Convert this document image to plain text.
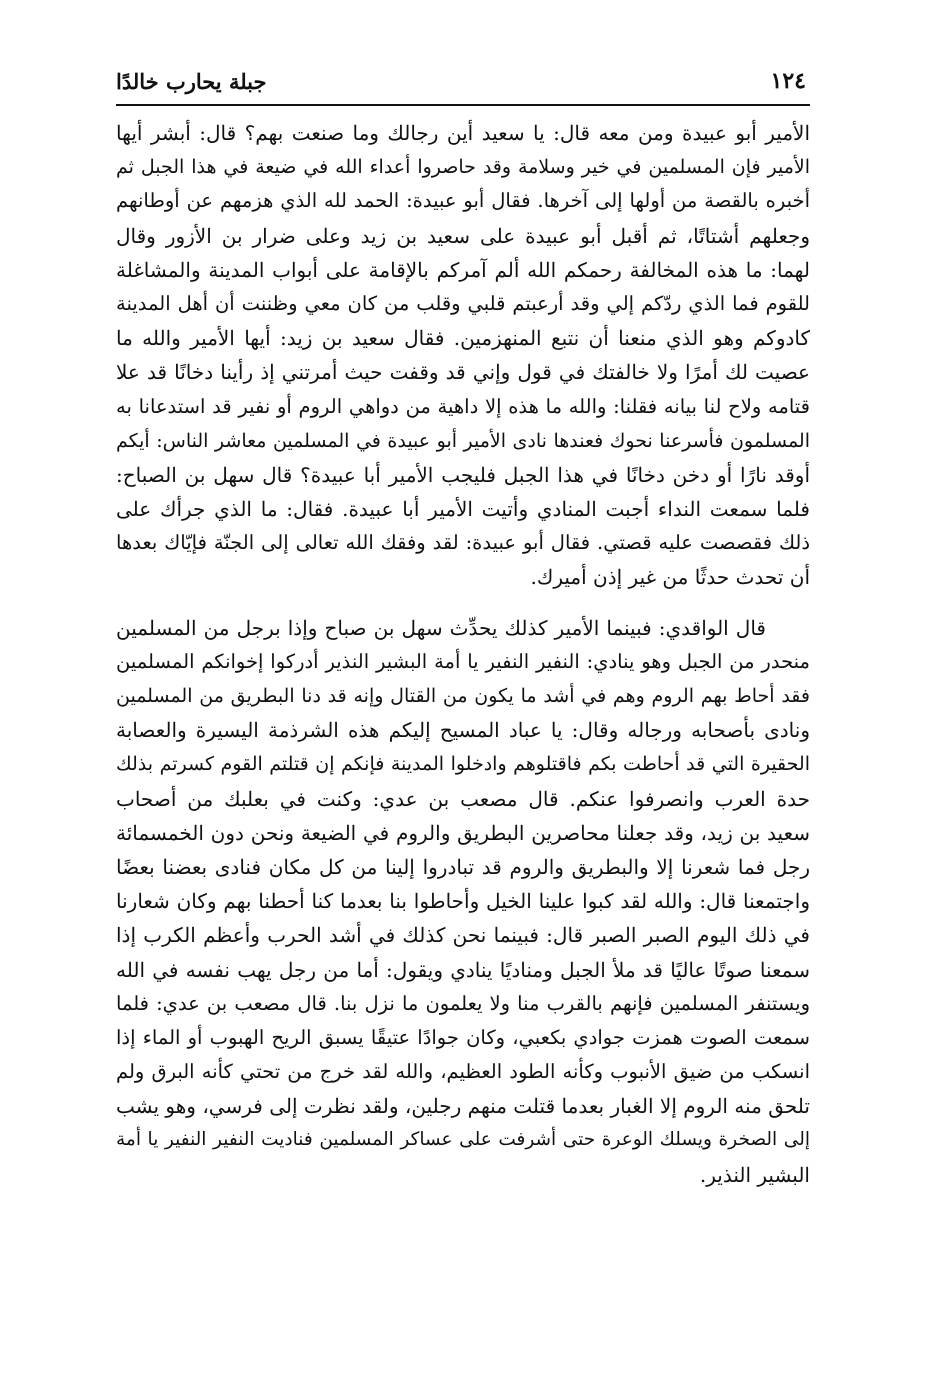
١٢٤
جبلة يحارب خالدًا
الأمير أبو عبيدة ومن معه قال: يا سعيد أين رجالك وما صنعت بهم؟ قال: أبشر أيها
الأمير فإن المسلمين في خير وسلامة وقد حاصروا أعداء الله في ضيعة في هذا الجبل ثم
أخبره بالقصة من أولها إلى آخرها. فقال أبو عبيدة: الحمد لله الذي هزمهم عن أوطانهم
وجعلهم أشتاتًا، ثم أقبل أبو عبيدة على سعيد بن زيد وعلى ضرار بن الأزور وقال
لهما: ما هذه المخالفة رحمكم الله ألم آمركم بالإقامة على أبواب المدينة والمشاغلة
للقوم فما الذي ردّكم إلي وقد أرعبتم قلبي وقلب من كان معي وظننت أن أهل المدينة
كادوكم وهو الذي منعنا أن نتبع المنهزمين. فقال سعيد بن زيد: أيها الأمير والله ما
عصيت لك أمرًا ولا خالفتك في قول وإني قد وقفت حيث أمرتني إذ رأينا دخانًا قد علا
قتامه ولاح لنا بيانه فقلنا: والله ما هذه إلا داهية من دواهي الروم أو نفير قد استدعانا به
المسلمون فأسرعنا نحوك فعندها نادى الأمير أبو عبيدة في المسلمين معاشر الناس: أيكم
أوقد نارًا أو دخن دخانًا في هذا الجبل فليجب الأمير أبا عبيدة؟ قال سهل بن الصباح:
فلما سمعت النداء أجبت المنادي وأتيت الأمير أبا عبيدة. فقال: ما الذي جرأك على
ذلك فقصصت عليه قصتي. فقال أبو عبيدة: لقد وفقك الله تعالى إلى الجنّة فإيّاك بعدها
أن تحدث حدثًا من غير إذن أميرك.
قال الواقدي: فبينما الأمير كذلك يحدِّث سهل بن صباح وإذا برجل من المسلمين
منحدر من الجبل وهو ينادي: النفير النفير يا أمة البشير النذير أدركوا إخوانكم المسلمين
فقد أحاط بهم الروم وهم في أشد ما يكون من القتال وإنه قد دنا البطريق من المسلمين
ونادى بأصحابه ورجاله وقال: يا عباد المسيح إليكم هذه الشرذمة اليسيرة والعصابة
الحقيرة التي قد أحاطت بكم فاقتلوهم وادخلوا المدينة فإنكم إن قتلتم القوم كسرتم بذلك
حدة العرب وانصرفوا عنكم. قال مصعب بن عدي: وكنت في بعلبك من أصحاب
سعيد بن زيد، وقد جعلنا محاصرين البطريق والروم في الضيعة ونحن دون الخمسمائة
رجل فما شعرنا إلا والبطريق والروم قد تبادروا إلينا من كل مكان فنادى بعضنا بعضًا
واجتمعنا قال: والله لقد كبوا علينا الخيل وأحاطوا بنا بعدما كنا أحطنا بهم وكان شعارنا
في ذلك اليوم الصبر الصبر قال: فبينما نحن كذلك في أشد الحرب وأعظم الكرب إذا
سمعنا صوتًا عاليًا قد ملأ الجبل ومناديًا ينادي ويقول: أما من رجل يهب نفسه في الله
ويستنفر المسلمين فإنهم بالقرب منا ولا يعلمون ما نزل بنا. قال مصعب بن عدي: فلما
سمعت الصوت همزت جوادي بكعبي، وكان جوادًا عتيقًا يسبق الريح الهبوب أو الماء إذا
انسكب من ضيق الأنبوب وكأنه الطود العظيم، والله لقد خرج من تحتي كأنه البرق ولم
تلحق منه الروم إلا الغبار بعدما قتلت منهم رجلين، ولقد نظرت إلى فرسي، وهو يشب
إلى الصخرة ويسلك الوعرة حتى أشرفت على عساكر المسلمين فناديت النفير النفير يا أمة
البشير النذير.
